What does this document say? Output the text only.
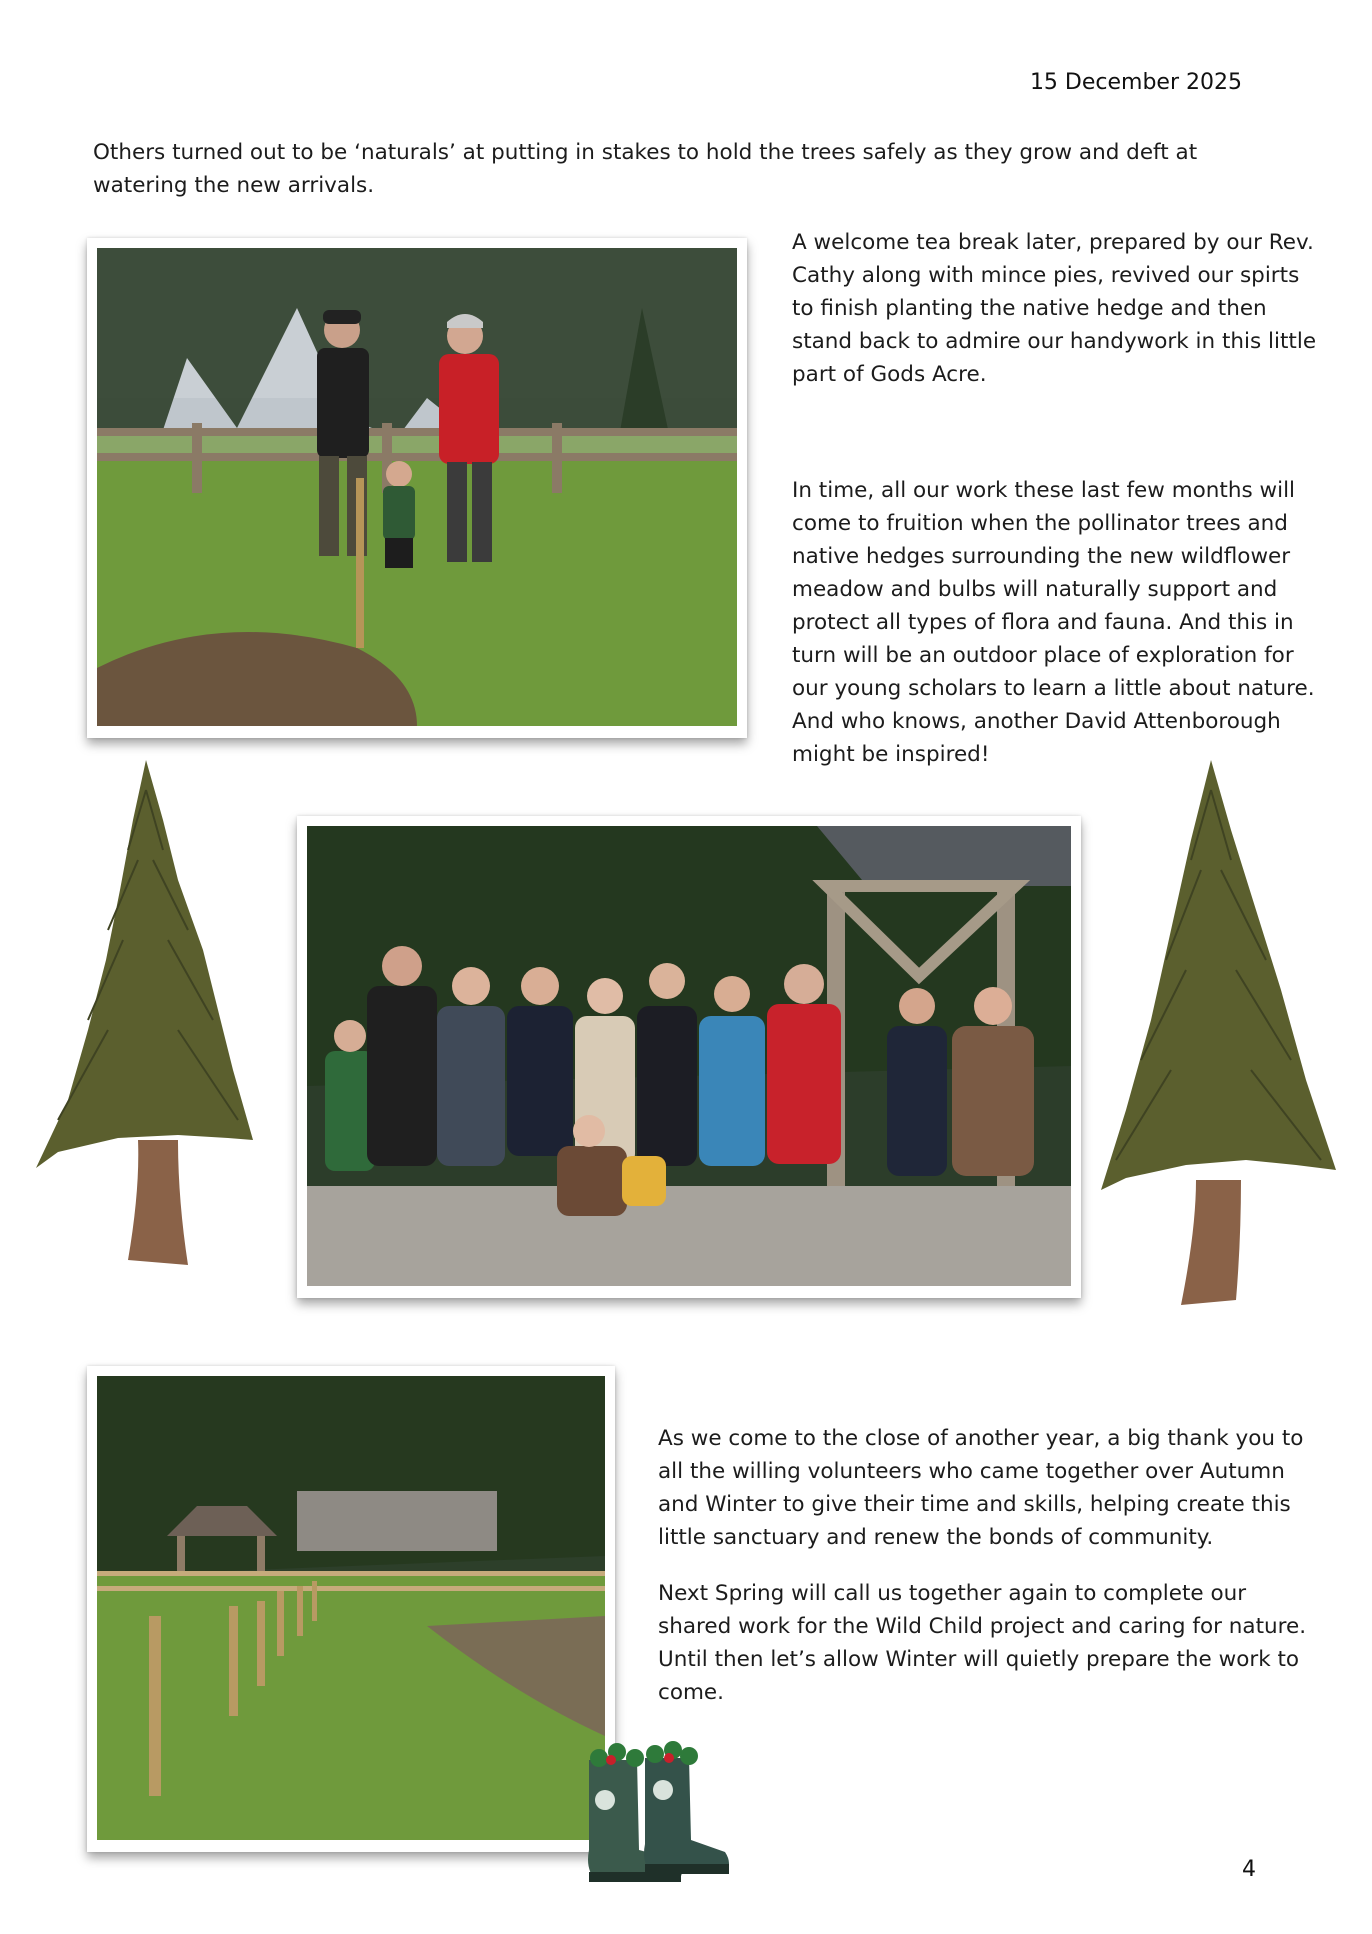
15 December 2025

Others turned out to be ‘naturals’ at putting in stakes to hold the trees safely as they grow and deft at watering the new arrivals.

A welcome tea break later, prepared by our Rev. Cathy along with mince pies, revived our spirts to finish planting the native hedge and then stand back to admire our handywork in this little part of Gods Acre.

In time, all our work these last few months will come to fruition when the pollinator trees and native hedges surrounding the new wildflower meadow and bulbs will naturally support and protect all types of flora and fauna. And this in turn will be an outdoor place of exploration for our young scholars to learn a little about nature. And who knows, another David Attenborough might be inspired!

As we come to the close of another year, a big thank you to all the willing volunteers who came together over Autumn and Winter to give their time and skills, helping create this little sanctuary and renew the bonds of community.

Next Spring will call us together again to complete our shared work for the Wild Child project and caring for nature. Until then let’s allow Winter will quietly prepare the work to come.

4
